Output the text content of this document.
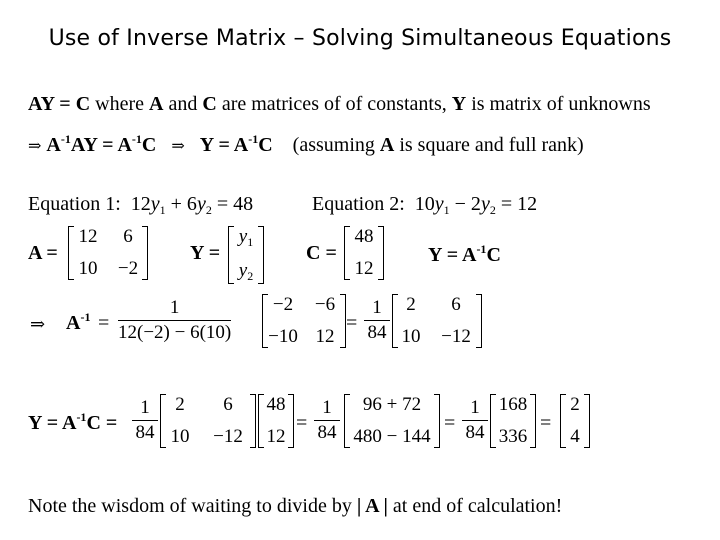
Use of Inverse Matrix – Solving Simultaneous Equations
AY = C where A and C are matrices of of constants, Y is matrix of unknowns
⇒ $A^{-1}AY = A^{-1}C$ ⇒ $Y = A^{-1}C$ (assuming A is square and full rank)
Equation 1: $12y_1 + 6y_2 = 48$	Equation 2: $10y_1 - 2y_2 = 12$
A =
12	6
10	−2
Y =
$y_1$
$y_2$
C =
48
12
$Y = A^{-1}C$
⇒ $A^{-1}$ =
1
12(−2) − 6(10)
−2	−6
−10 12
=
1
84
2	6
10	−12
$Y = A^{-1}C$ =
1
84
2	6
10	−12
48
12
=
1
84
96 + 72
480 − 144
=
1
84
168
336
=
2
4
Note the wisdom of waiting to divide by | A | at end of calculation!
